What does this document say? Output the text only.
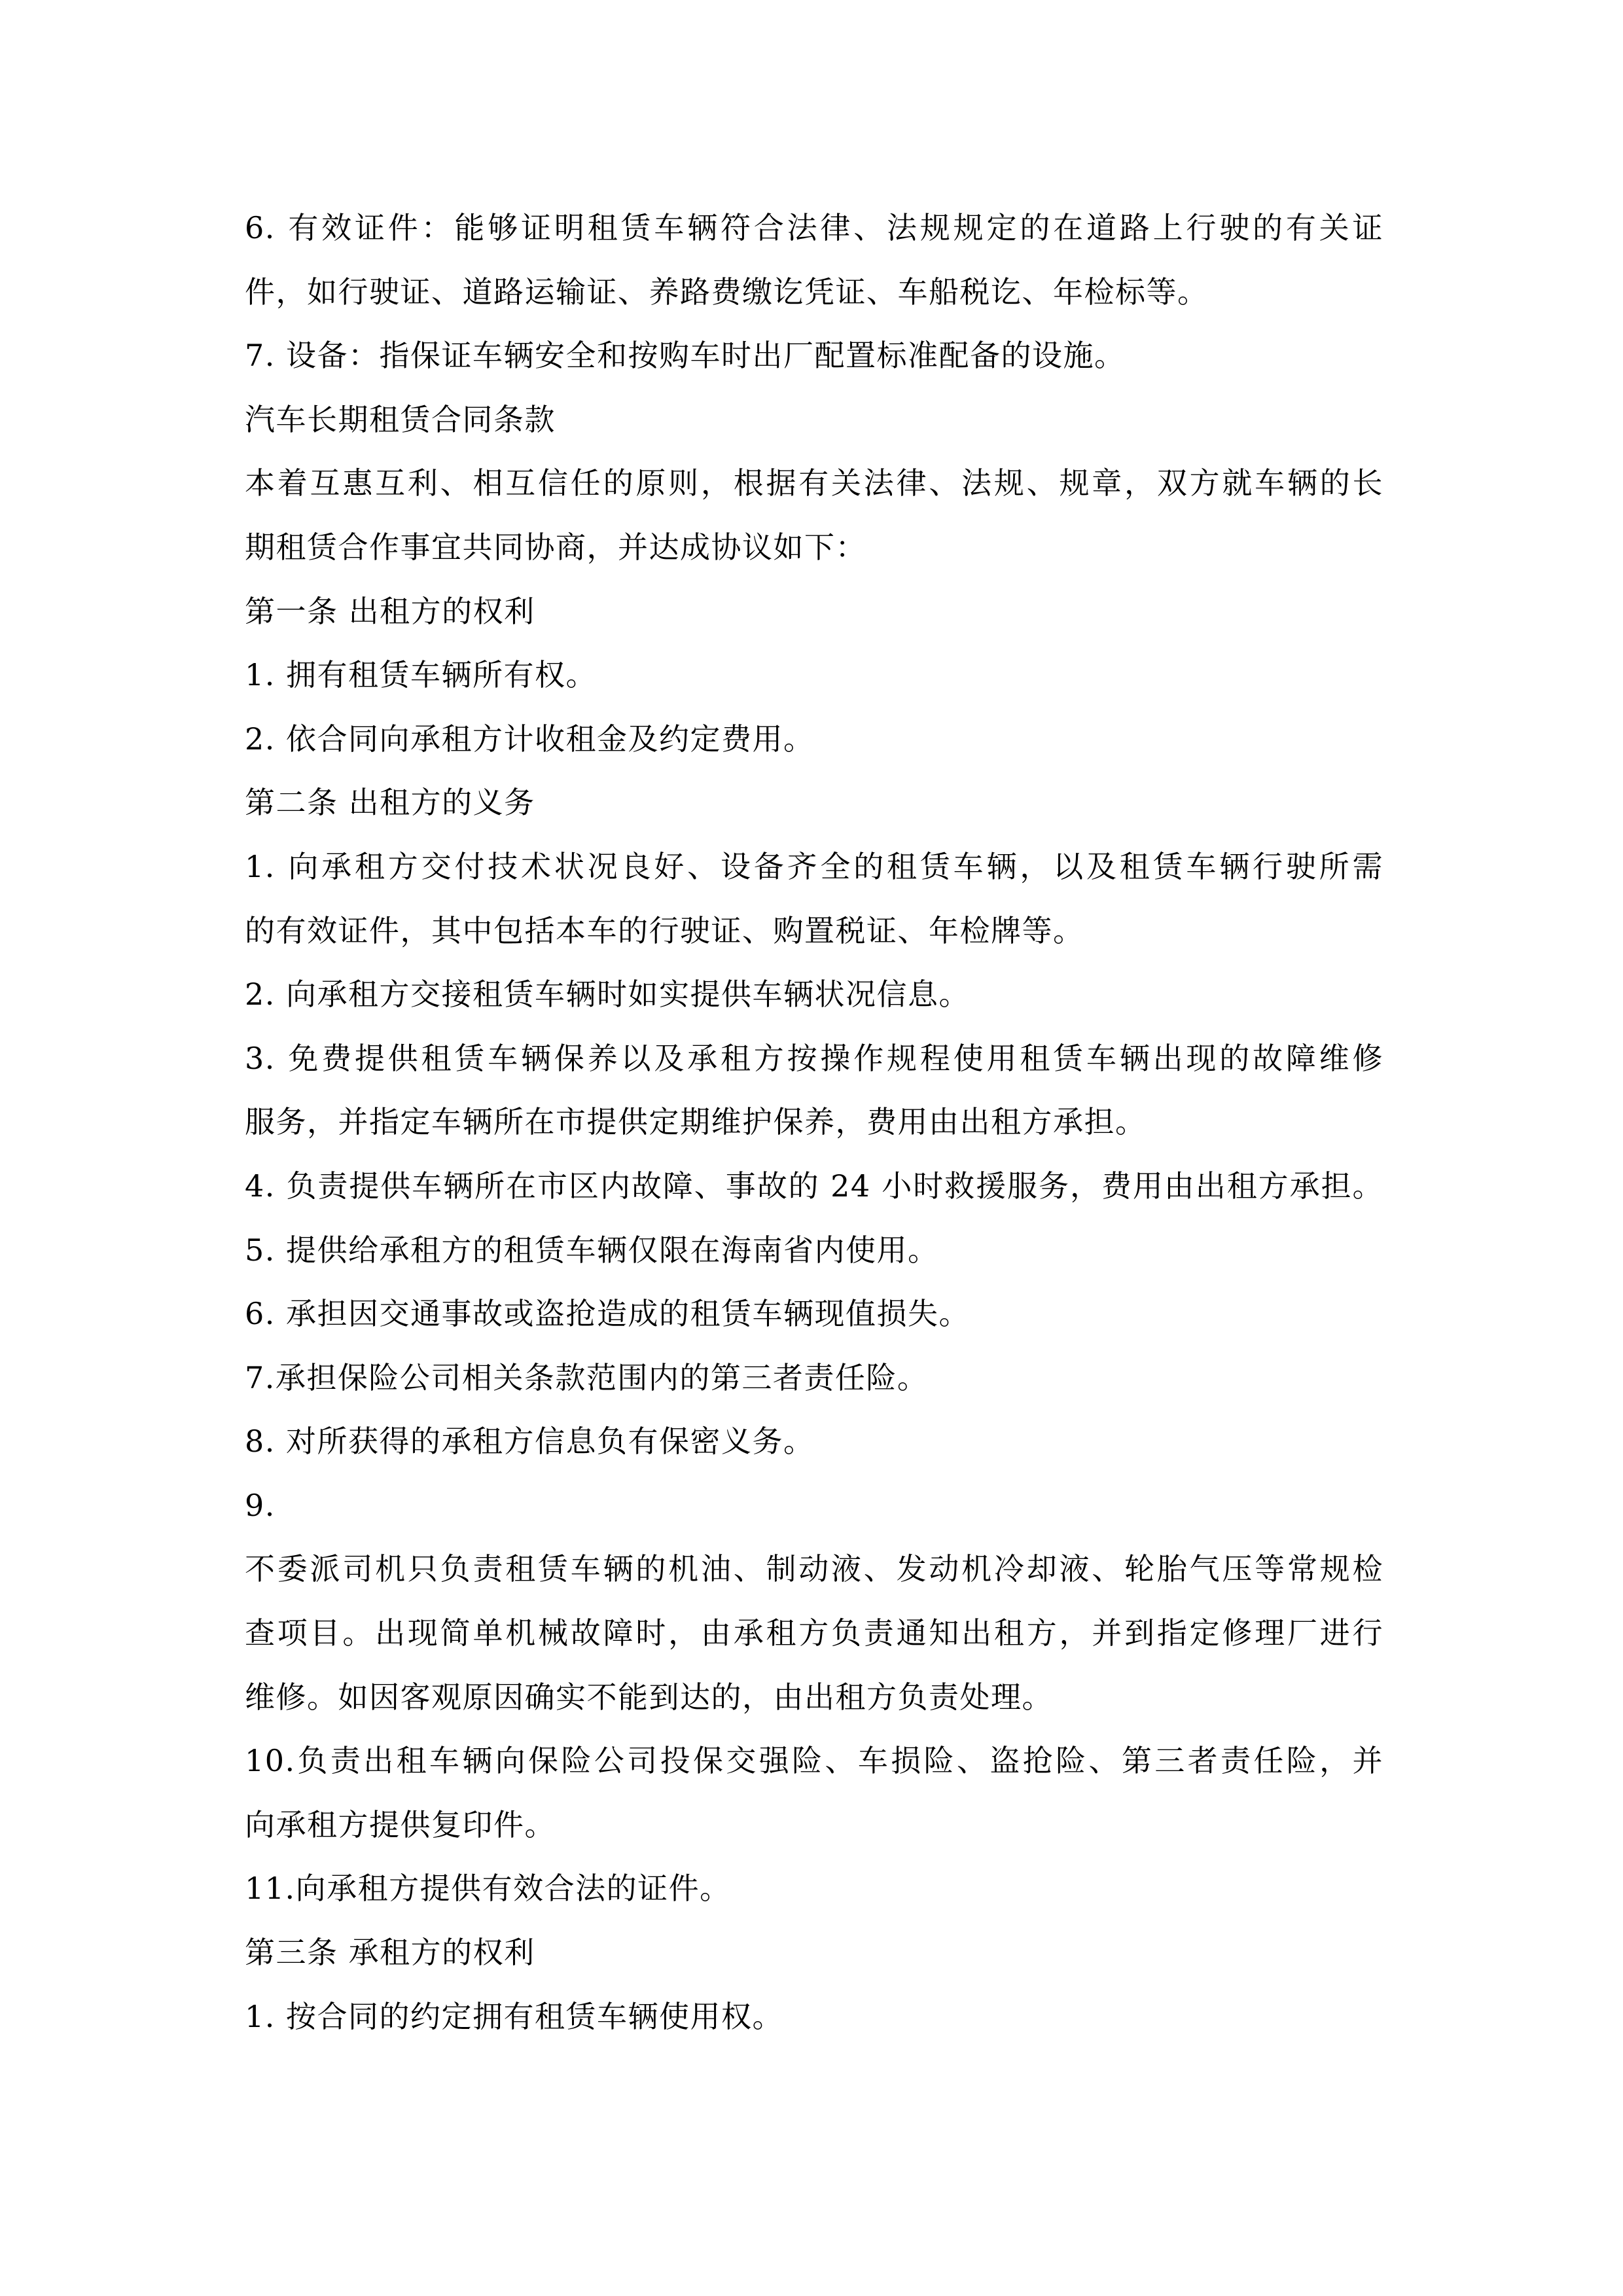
6. 有效证件：能够证明租赁车辆符合法律、法规规定的在道路上行驶的有关证
件，如行驶证、道路运输证、养路费缴讫凭证、车船税讫、年检标等。
7. 设备：指保证车辆安全和按购车时出厂配置标准配备的设施。
汽车长期租赁合同条款
本着互惠互利、相互信任的原则，根据有关法律、法规、规章，双方就车辆的长
期租赁合作事宜共同协商，并达成协议如下：
第一条 出租方的权利
1. 拥有租赁车辆所有权。
2. 依合同向承租方计收租金及约定费用。
第二条 出租方的义务
1. 向承租方交付技术状况良好、设备齐全的租赁车辆，以及租赁车辆行驶所需
的有效证件，其中包括本车的行驶证、购置税证、年检牌等。
2. 向承租方交接租赁车辆时如实提供车辆状况信息。
3. 免费提供租赁车辆保养以及承租方按操作规程使用租赁车辆出现的故障维修
服务，并指定车辆所在市提供定期维护保养，费用由出租方承担。
4. 负责提供车辆所在市区内故障、事故的 24 小时救援服务，费用由出租方承担。
5. 提供给承租方的租赁车辆仅限在海南省内使用。
6. 承担因交通事故或盗抢造成的租赁车辆现值损失。
7.承担保险公司相关条款范围内的第三者责任险。
8. 对所获得的承租方信息负有保密义务。
9.
不委派司机只负责租赁车辆的机油、制动液、发动机冷却液、轮胎气压等常规检
查项目。出现简单机械故障时，由承租方负责通知出租方，并到指定修理厂进行
维修。如因客观原因确实不能到达的，由出租方负责处理。
10.负责出租车辆向保险公司投保交强险、车损险、盗抢险、第三者责任险，并
向承租方提供复印件。
11.向承租方提供有效合法的证件。
第三条 承租方的权利
1. 按合同的约定拥有租赁车辆使用权。
